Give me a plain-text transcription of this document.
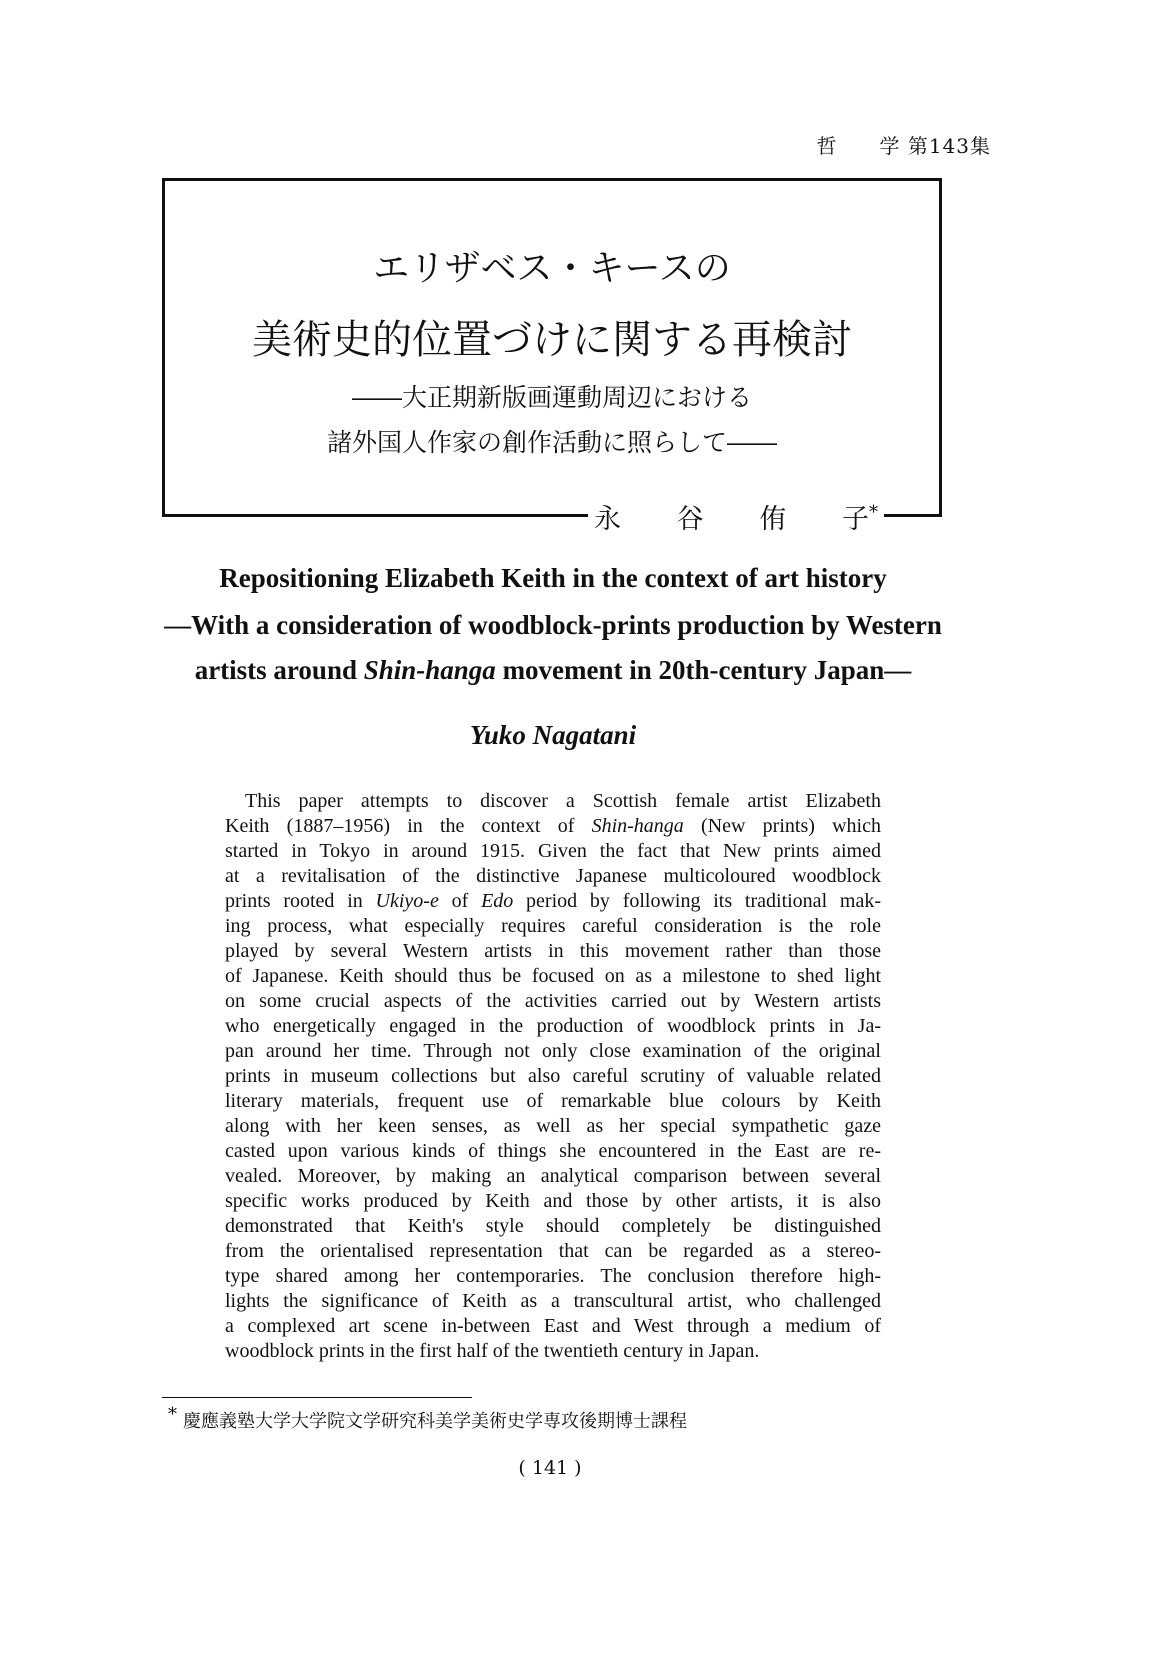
哲　　学 第143集
エリザベス・キースの
美術史的位置づけに関する再検討
――大正期新版画運動周辺における
諸外国人作家の創作活動に照らして――
永 谷 侑 子*
Repositioning Elizabeth Keith in the context of art history
—With a consideration of woodblock-prints production by Western
artists around Shin-hanga movement in 20th-century Japan—
Yuko Nagatani
This paper attempts to discover a Scottish female artist Elizabeth
Keith (1887–1956) in the context of Shin-hanga (New prints) which
started in Tokyo in around 1915. Given the fact that New prints aimed
at a revitalisation of the distinctive Japanese multicoloured woodblock
prints rooted in Ukiyo-e of Edo period by following its traditional mak-
ing process, what especially requires careful consideration is the role
played by several Western artists in this movement rather than those
of Japanese. Keith should thus be focused on as a milestone to shed light
on some crucial aspects of the activities carried out by Western artists
who energetically engaged in the production of woodblock prints in Ja-
pan around her time. Through not only close examination of the original
prints in museum collections but also careful scrutiny of valuable related
literary materials, frequent use of remarkable blue colours by Keith
along with her keen senses, as well as her special sympathetic gaze
casted upon various kinds of things she encountered in the East are re-
vealed. Moreover, by making an analytical comparison between several
specific works produced by Keith and those by other artists, it is also
demonstrated that Keith's style should completely be distinguished
from the orientalised representation that can be regarded as a stereo-
type shared among her contemporaries. The conclusion therefore high-
lights the significance of Keith as a transcultural artist, who challenged
a complexed art scene in-between East and West through a medium of
woodblock prints in the first half of the twentieth century in Japan.
* 慶應義塾大学大学院文学研究科美学美術史学専攻後期博士課程
( 141 )
